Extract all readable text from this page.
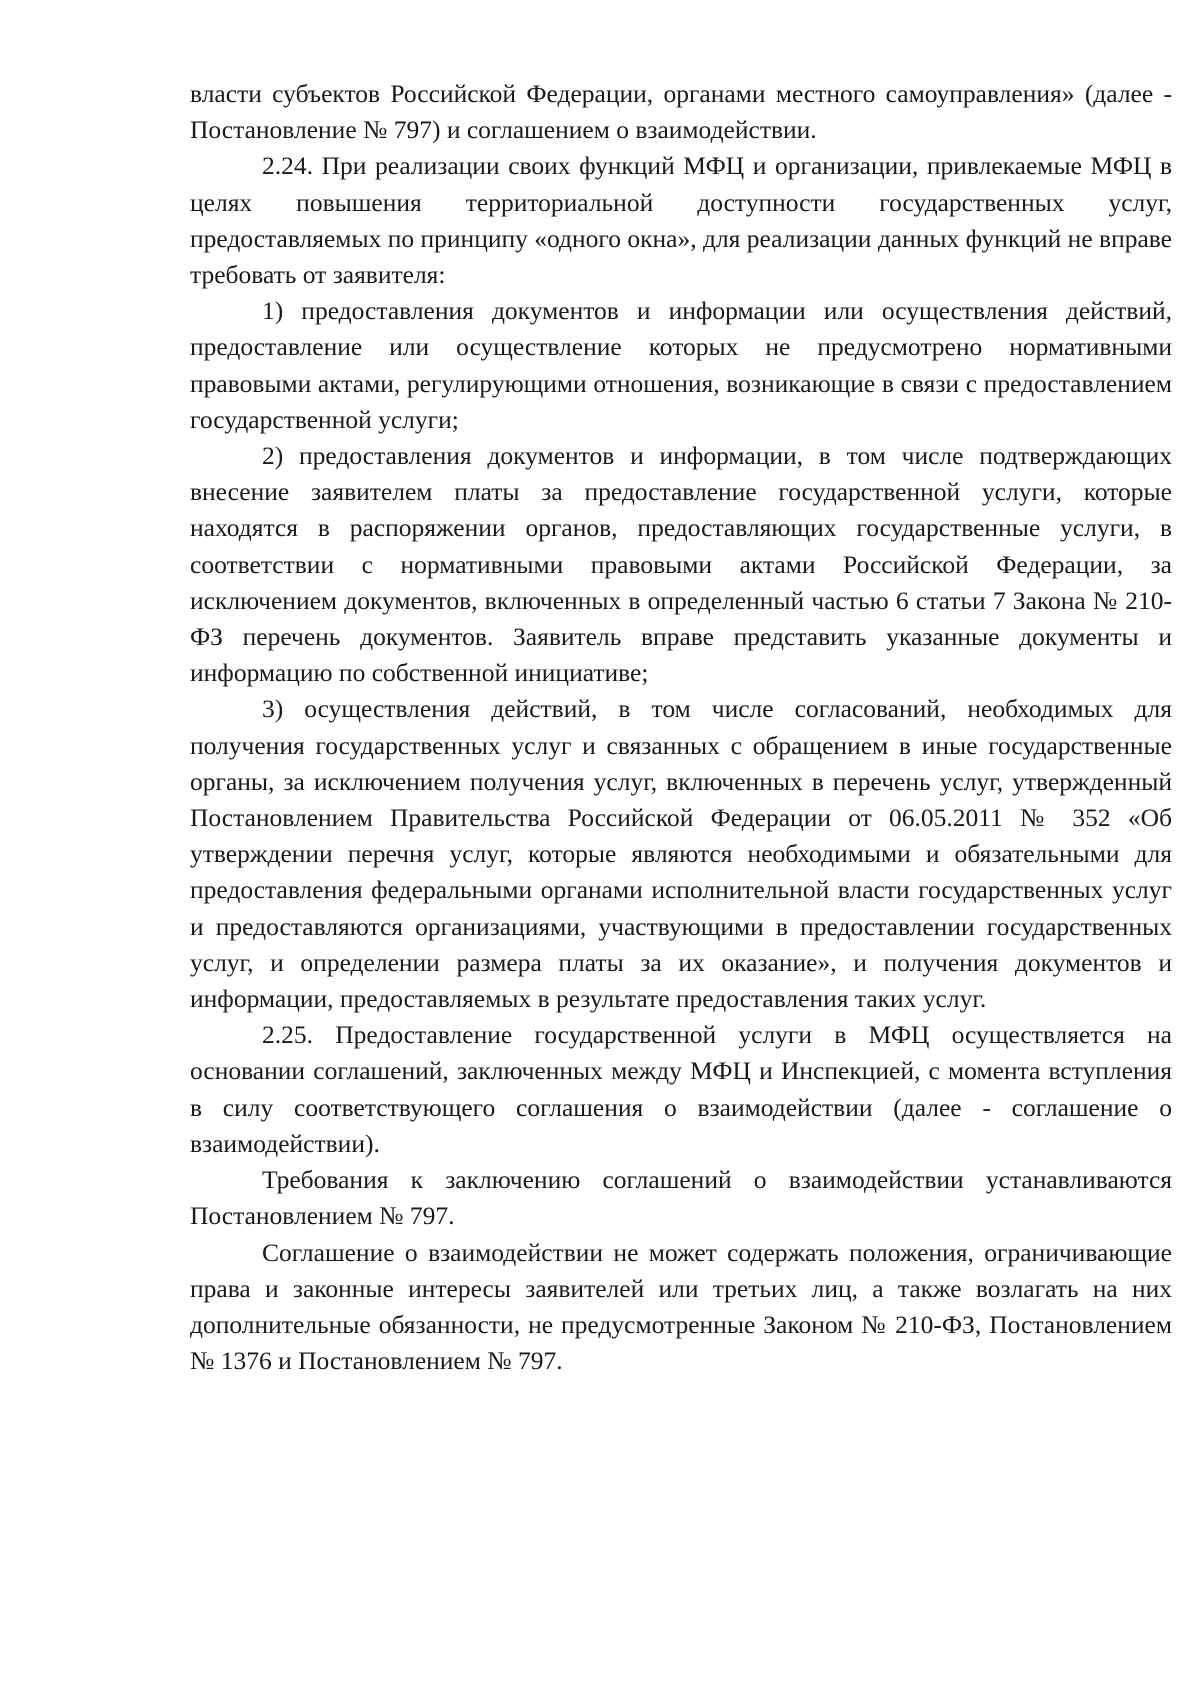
власти субъектов Российской Федерации, органами местного самоуправления» (далее - Постановление № 797) и соглашением о взаимодействии.

2.24. При реализации своих функций МФЦ и организации, привлекаемые МФЦ в целях повышения территориальной доступности государственных услуг, предоставляемых по принципу «одного окна», для реализации данных функций не вправе требовать от заявителя:

1) предоставления документов и информации или осуществления действий, предоставление или осуществление которых не предусмотрено нормативными правовыми актами, регулирующими отношения, возникающие в связи с предоставлением государственной услуги;

2) предоставления документов и информации, в том числе подтверждающих внесение заявителем платы за предоставление государственной услуги, которые находятся в распоряжении органов, предоставляющих государственные услуги, в соответствии с нормативными правовыми актами Российской Федерации, за исключением документов, включенных в определенный частью 6 статьи 7 Закона № 210-ФЗ перечень документов. Заявитель вправе представить указанные документы и информацию по собственной инициативе;

3) осуществления действий, в том числе согласований, необходимых для получения государственных услуг и связанных с обращением в иные государственные органы, за исключением получения услуг, включенных в перечень услуг, утвержденный Постановлением Правительства Российской Федерации от 06.05.2011 № 352 «Об утверждении перечня услуг, которые являются необходимыми и обязательными для предоставления федеральными органами исполнительной власти государственных услуг и предоставляются организациями, участвующими в предоставлении государственных услуг, и определении размера платы за их оказание», и получения документов и информации, предоставляемых в результате предоставления таких услуг.

2.25. Предоставление государственной услуги в МФЦ осуществляется на основании соглашений, заключенных между МФЦ и Инспекцией, с момента вступления в силу соответствующего соглашения о взаимодействии (далее - соглашение о взаимодействии).

Требования к заключению соглашений о взаимодействии устанавливаются Постановлением № 797.

Соглашение о взаимодействии не может содержать положения, ограничивающие права и законные интересы заявителей или третьих лиц, а также возлагать на них дополнительные обязанности, не предусмотренные Законом № 210-ФЗ, Постановлением № 1376 и Постановлением № 797.
